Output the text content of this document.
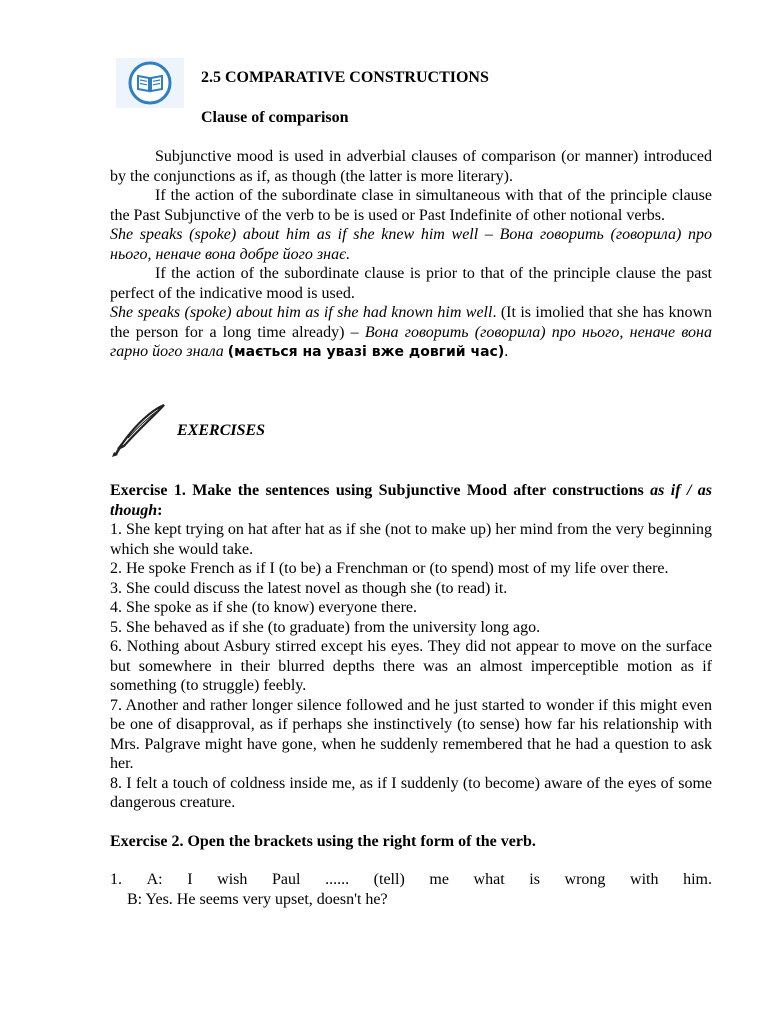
2.5 COMPARATIVE CONSTRUCTIONS
Clause of comparison

Subjunctive mood is used in adverbial clauses of comparison (or manner) introduced by the conjunctions as if, as though (the latter is more literary).

If the action of the subordinate clase in simultaneous with that of the principle clause the Past Subjunctive of the verb to be is used or Past Indefinite of other notional verbs.

She speaks (spoke) about him as if she knew him well – Вона говорить (говорила) про нього, неначе вона добре його знає.

If the action of the subordinate clause is prior to that of the principle clause the past perfect of the indicative mood is used.

She speaks (spoke) about him as if she had known him well. (It is imolied that she has known the person for a long time already) – Вона говорить (говорила) про нього, неначе вона гарно його знала (мається на увазі вже довгий час).

EXERCISES

Exercise 1. Make the sentences using Subjunctive Mood after constructions as if / as though:

1. She kept trying on hat after hat as if she (not to make up) her mind from the very beginning which she would take.

2. He spoke French as if I (to be) a Frenchman or (to spend) most of my life over there.

3. She could discuss the latest novel as though she (to read) it.

4. She spoke as if she (to know) everyone there.

5. She behaved as if she (to graduate) from the university long ago.

6. Nothing about Asbury stirred except his eyes. They did not appear to move on the surface but somewhere in their blurred depths there was an almost imperceptible motion as if something (to struggle) feebly.

7. Another and rather longer silence followed and he just started to wonder if this might even be one of disapproval, as if perhaps she instinctively (to sense) how far his relationship with Mrs. Palgrave might have gone, when he suddenly remembered that he had a question to ask her.

8. I felt a touch of coldness inside me, as if I suddenly (to become) aware of the eyes of some dangerous creature.

Exercise 2. Open the brackets using the right form of the verb.

1. A: I wish Paul ...... (tell) me what is wrong with him.

B: Yes. He seems very upset, doesn't he?
